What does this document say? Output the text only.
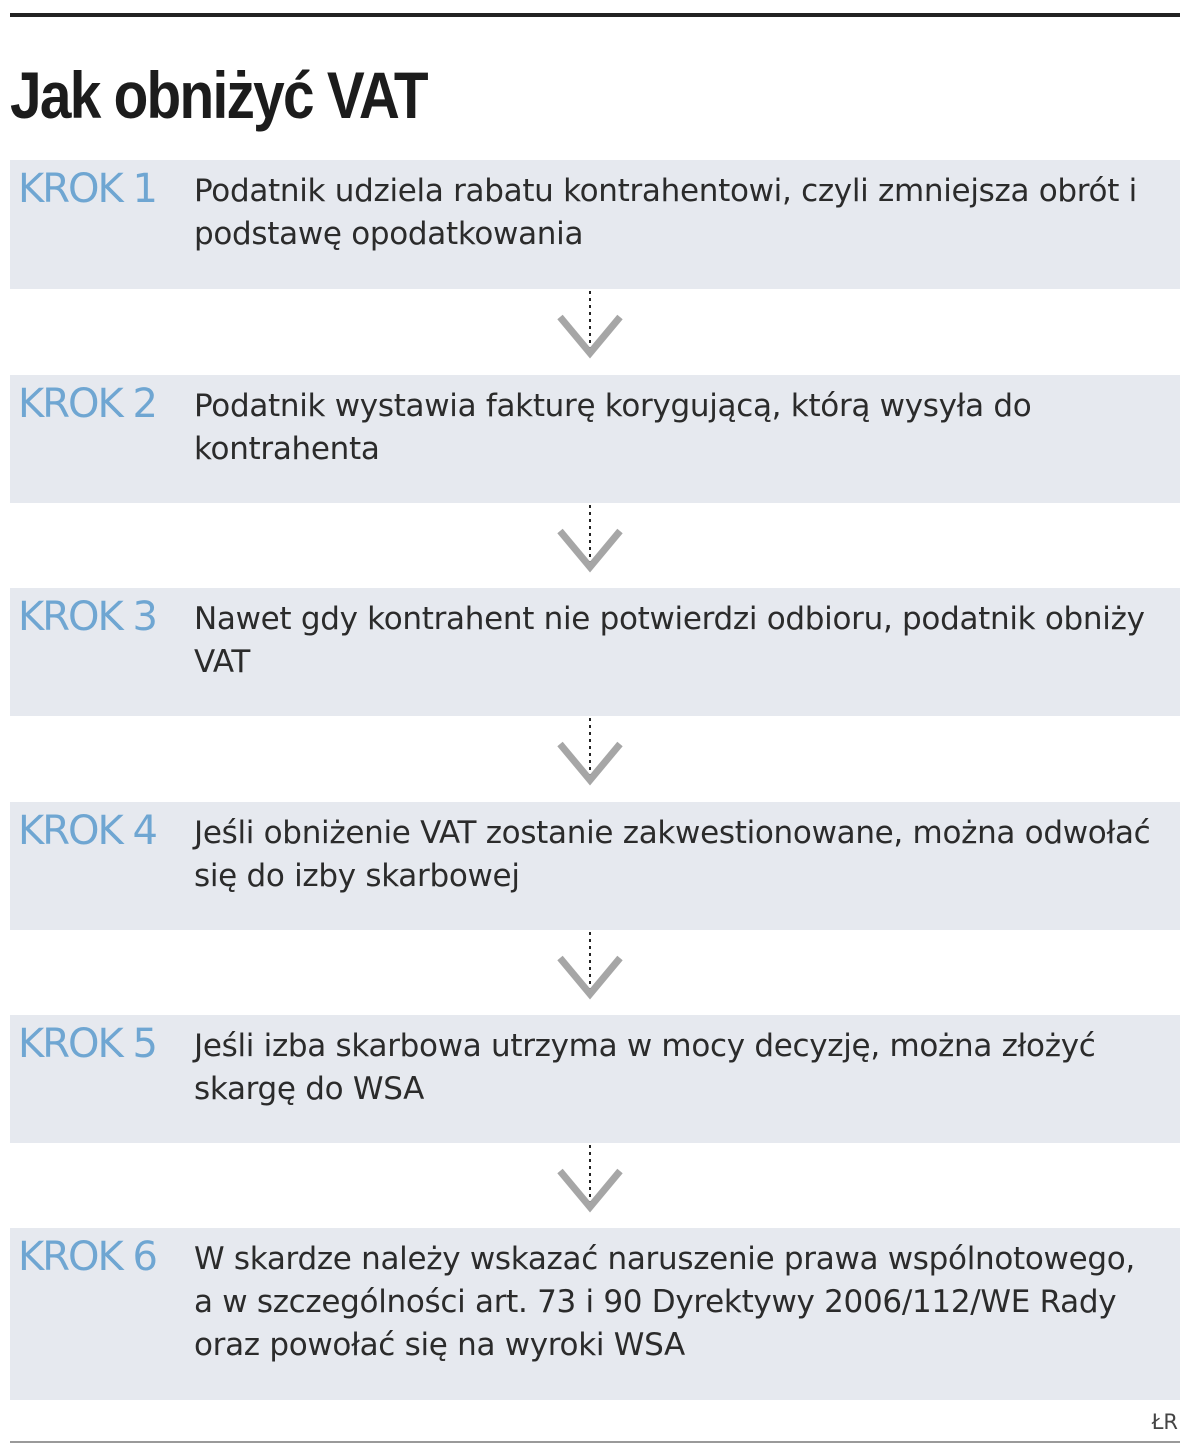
Jak obniżyć VAT
KROK 1 Podatnik udziela rabatu kontrahentowi, czyli zmniejsza obrót i podstawę opodatkowania
KROK 2 Podatnik wystawia fakturę korygującą, którą wysyła do kontrahenta
KROK 3 Nawet gdy kontrahent nie potwierdzi odbioru, podatnik obniży VAT
KROK 4 Jeśli obniżenie VAT zostanie zakwestionowane, można odwołać się do izby skarbowej
KROK 5 Jeśli izba skarbowa utrzyma w mocy decyzję, można złożyć skargę do WSA
KROK 6 W skardze należy wskazać naruszenie prawa wspólnotowego, a w szczególności art. 73 i 90 Dyrektywy 2006/112/WE Rady oraz powołać się na wyroki WSA
ŁR
